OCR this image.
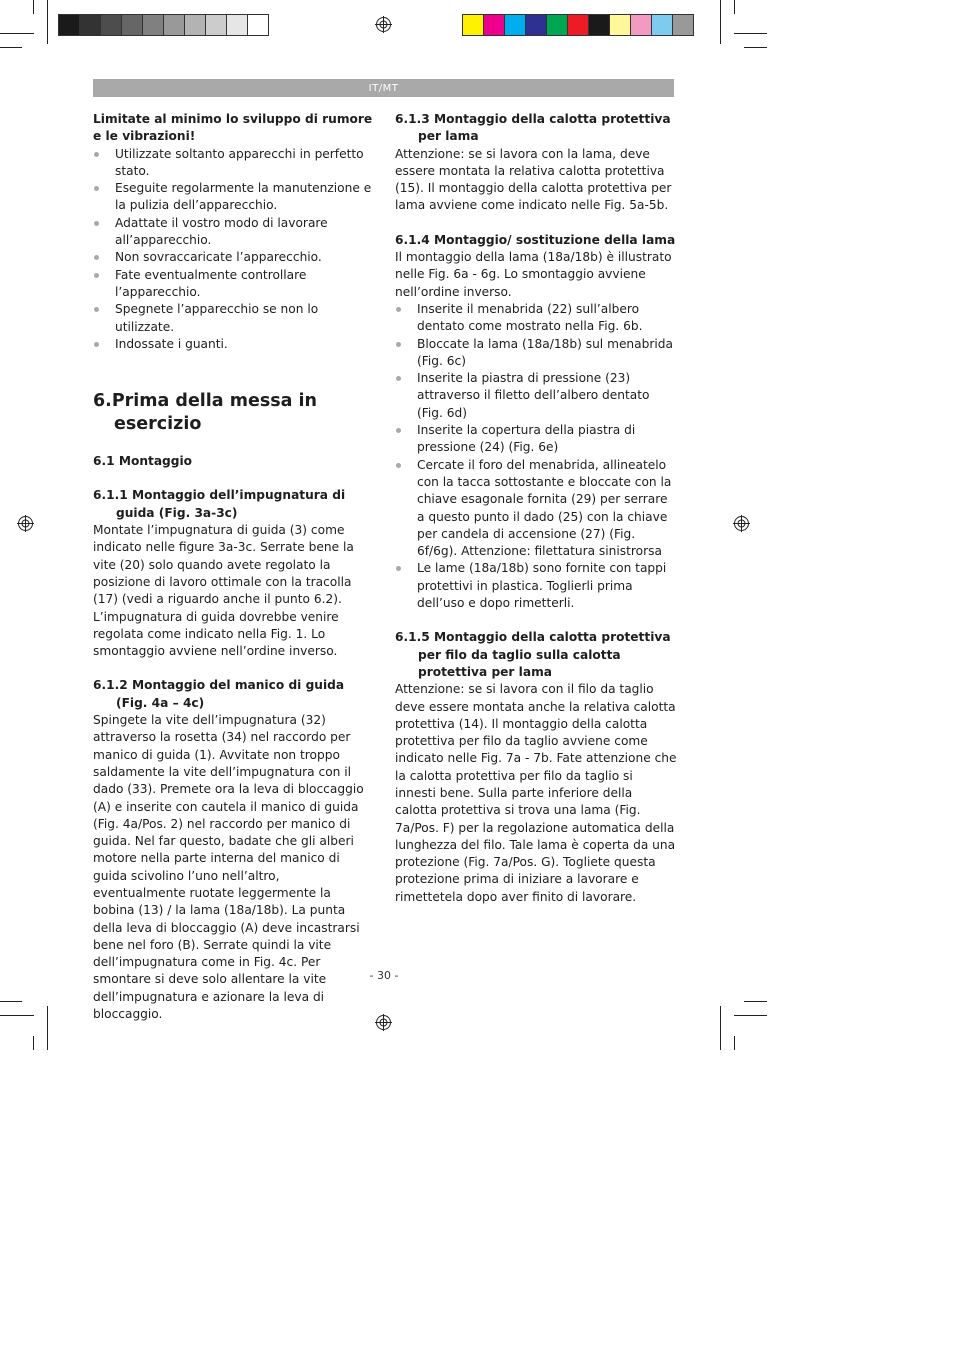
IT/MT

Limitate al minimo lo sviluppo di rumore
e le vibrazioni!

Utilizzate soltanto apparecchi in perfetto stato.
Eseguite regolarmente la manutenzione e la pulizia dell’apparecchio.
Adattate il vostro modo di lavorare all’apparecchio.
Non sovraccaricate l’apparecchio.
Fate eventualmente controllare l’apparecchio.
Spegnete l’apparecchio se non lo utilizzate.
Indossate i guanti.

6.Prima della messa in esercizio

6.1 Montaggio

6.1.1 Montaggio dell’impugnatura di guida (Fig. 3a-3c)

Montate l’impugnatura di guida (3) come indicato nelle figure 3a-3c. Serrate bene la vite (20) solo quando avete regolato la posizione di lavoro ottimale con la tracolla (17) (vedi a riguardo anche il punto 6.2). L’impugnatura di guida dovrebbe venire regolata come indicato nella Fig. 1. Lo smontaggio avviene nell’ordine inverso.

6.1.2 Montaggio del manico di guida (Fig. 4a – 4c)

Spingete la vite dell’impugnatura (32) attraverso la rosetta (34) nel raccordo per manico di guida (1). Avvitate non troppo saldamente la vite dell’impugnatura con il dado (33). Premete ora la leva di bloccaggio (A) e inserite con cautela il manico di guida (Fig. 4a/Pos. 2) nel raccordo per manico di guida. Nel far questo, badate che gli alberi motore nella parte interna del manico di guida scivolino l’uno nell’altro, eventualmente ruotate leggermente la bobina (13) / la lama (18a/18b). La punta della leva di bloccaggio (A) deve incastrarsi bene nel foro (B). Serrate quindi la vite dell’impugnatura come in Fig. 4c. Per smontare si deve solo allentare la vite dell’impugnatura e azionare la leva di bloccaggio.

6.1.3 Montaggio della calotta protettiva per lama

Attenzione: se si lavora con la lama, deve essere montata la relativa calotta protettiva (15). Il montaggio della calotta protettiva per lama avviene come indicato nelle Fig. 5a-5b.

6.1.4 Montaggio/ sostituzione della lama

Il montaggio della lama (18a/18b) è illustrato nelle Fig. 6a - 6g. Lo smontaggio avviene nell’ordine inverso.

Inserite il menabrida (22) sull’albero dentato come mostrato nella Fig. 6b.
Bloccate la lama (18a/18b) sul menabrida (Fig. 6c)
Inserite la piastra di pressione (23) attraverso il filetto dell’albero dentato (Fig. 6d)
Inserite la copertura della piastra di pressione (24) (Fig. 6e)
Cercate il foro del menabrida, allineatelo con la tacca sottostante e bloccate con la chiave esagonale fornita (29) per serrare a questo punto il dado (25) con la chiave per candela di accensione (27) (Fig. 6f/6g). Attenzione: filettatura sinistrorsa
Le lame (18a/18b) sono fornite con tappi protettivi in plastica. Toglierli prima dell’uso e dopo rimetterli.

6.1.5 Montaggio della calotta protettiva per filo da taglio sulla calotta protettiva per lama

Attenzione: se si lavora con il filo da taglio deve essere montata anche la relativa calotta protettiva (14). Il montaggio della calotta protettiva per filo da taglio avviene come indicato nelle Fig. 7a - 7b. Fate attenzione che la calotta protettiva per filo da taglio si innesti bene. Sulla parte inferiore della calotta protettiva si trova una lama (Fig. 7a/Pos. F) per la regolazione automatica della lunghezza del filo. Tale lama è coperta da una protezione (Fig. 7a/Pos. G). Togliete questa protezione prima di iniziare a lavorare e rimettetela dopo aver finito di lavorare.

- 30 -
